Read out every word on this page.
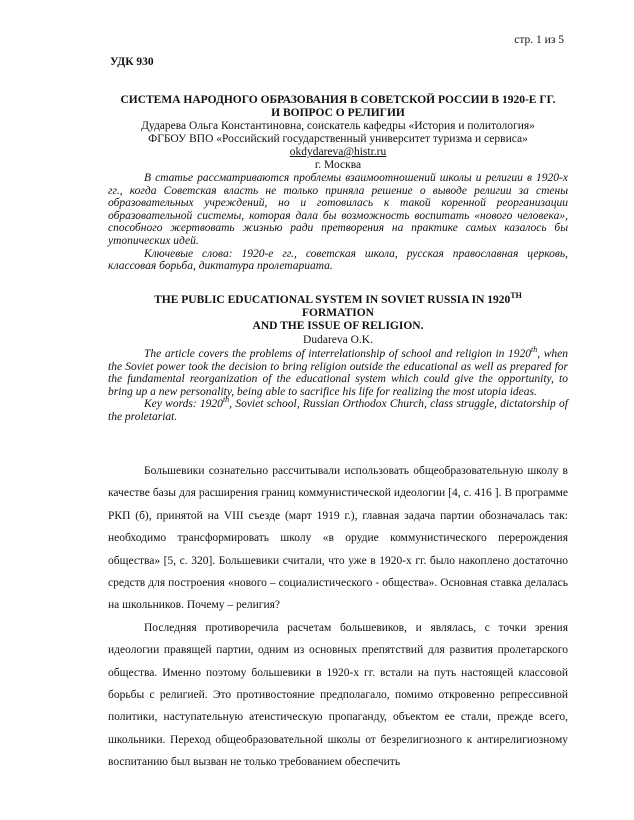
стр. 1 из 5
УДК 930
СИСТЕМА НАРОДНОГО ОБРАЗОВАНИЯ В СОВЕТСКОЙ РОССИИ В 1920-Е ГГ.
И ВОПРОС О РЕЛИГИИ
Дударева Ольга Константиновна, соискатель кафедры «История и политология»
ФГБОУ ВПО «Российский государственный университет туризма и сервиса»
okdydareva@histr.ru
г. Москва

В статье рассматриваются проблемы взаимоотношений школы и религии в 1920-х гг., когда Советская власть не только приняла решение о выводе религии за стены образовательных учреждений, но и готовилась к такой коренной реорганизации образовательной системы, которая дала бы возможность воспитать «нового человека», способного жертвовать жизнью ради претворения на практике самых казалось бы утопических идей.

Ключевые слова: 1920-е гг., советская школа, русская православная церковь, классовая борьба, диктатура пролетариата.

THE PUBLIC EDUCATIONAL SYSTEM IN SOVIET RUSSIA IN 1920TH
FORMATION
AND THE ISSUE OF RELIGION.
Dudareva O.K.

The article covers the problems of interrelationship of school and religion in 1920th, when the Soviet power took the decision to bring religion outside the educational as well as prepared for the fundamental reorganization of the educational system which could give the opportunity, to bring up a new personality, being able to sacrifice his life for realizing the most utopia ideas.

Key words: 1920th, Soviet school, Russian Orthodox Church, class struggle, dictatorship of the proletariat.

Большевики сознательно рассчитывали использовать общеобразовательную школу в качестве базы для расширения границ коммунистической идеологии [4, с. 416 ]. В программе РКП (б), принятой на VIII съезде (март 1919 г.), главная задача партии обозначалась так: необходимо трансформировать школу «в орудие коммунистического перерождения общества» [5, с. 320]. Большевики считали, что уже в 1920-х гг. было накоплено достаточно средств для построения «нового – социалистического - общества». Основная ставка делалась на школьников. Почему – религия?

Последняя противоречила расчетам большевиков, и являлась, с точки зрения идеологии правящей партии, одним из основных препятствий для развития пролетарского общества. Именно поэтому большевики в 1920-х гг. встали на путь настоящей классовой борьбы с религией. Это противостояние предполагало, помимо откровенно репрессивной политики, наступательную атеистическую пропаганду, объектом ее стали, прежде всего, школьники. Переход общеобразовательной школы от безрелигиозного к антирелигиозному воспитанию был вызван не только требованием обеспечить
